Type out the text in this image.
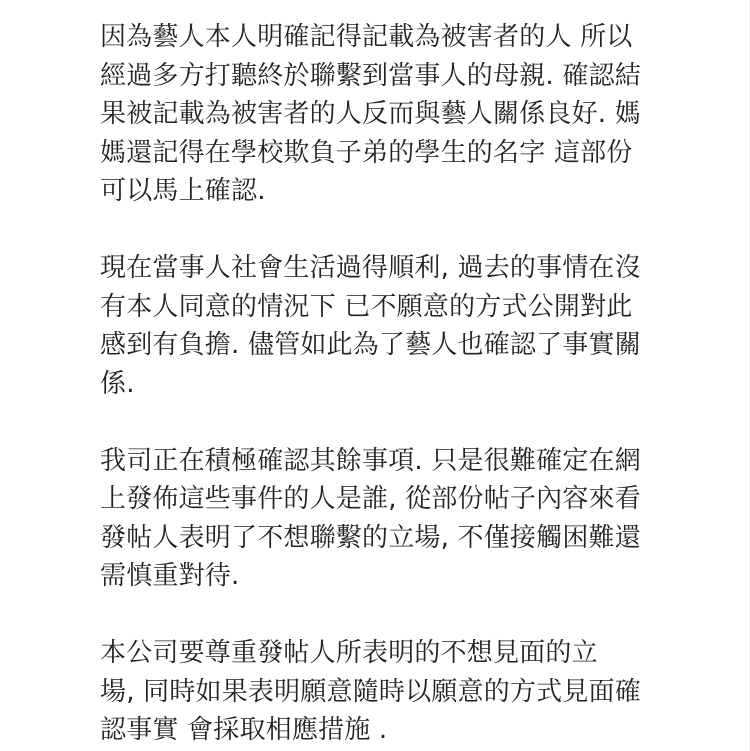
因為藝人本人明確記得記載為被害者的人 所以
經過多方打聽終於聯繫到當事人的母親. 確認結
果被記載為被害者的人反而與藝人關係良好. 媽
媽還記得在學校欺負子弟的學生的名字 這部份
可以馬上確認.
現在當事人社會生活過得順利, 過去的事情在沒
有本人同意的情況下 已不願意的方式公開對此
感到有負擔. 儘管如此為了藝人也確認了事實關
係.
我司正在積極確認其餘事項. 只是很難確定在網
上發佈這些事件的人是誰, 從部份帖子內容來看
發帖人表明了不想聯繫的立場, 不僅接觸困難還
需慎重對待.
本公司要尊重發帖人所表明的不想見面的立
場, 同時如果表明願意隨時以願意的方式見面確
認事實 會採取相應措施 .
